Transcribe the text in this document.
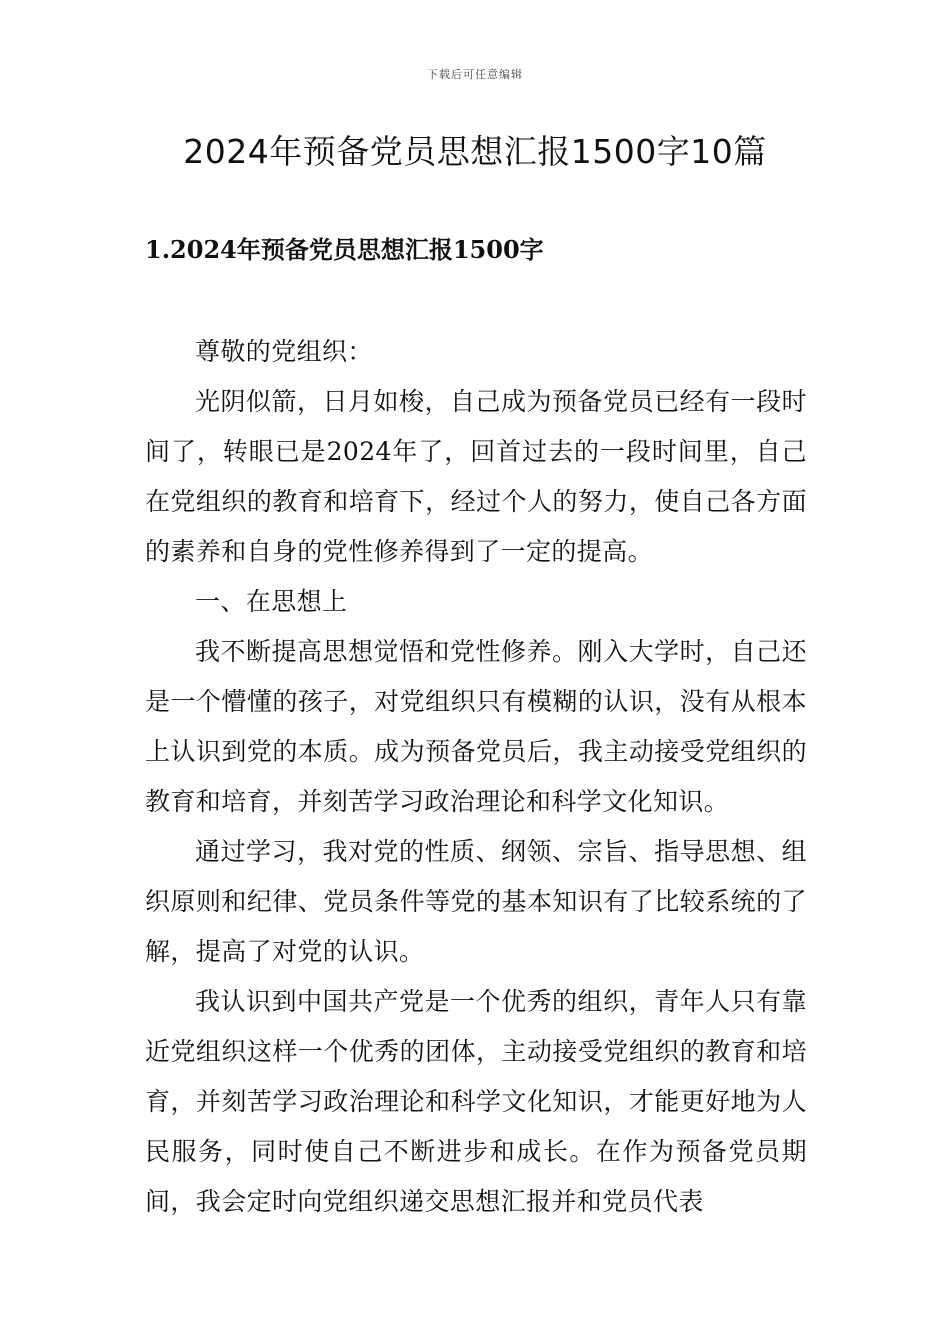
下载后可任意编辑
2024年预备党员思想汇报1500字10篇
1.2024年预备党员思想汇报1500字

尊敬的党组织：

光阴似箭，日月如梭，自己成为预备党员已经有一段时间了，转眼已是2024年了，回首过去的一段时间里，自己在党组织的教育和培育下，经过个人的努力，使自己各方面的素养和自身的党性修养得到了一定的提高。

一、在思想上

我不断提高思想觉悟和党性修养。刚入大学时，自己还是一个懵懂的孩子，对党组织只有模糊的认识，没有从根本上认识到党的本质。成为预备党员后，我主动接受党组织的教育和培育，并刻苦学习政治理论和科学文化知识。

通过学习，我对党的性质、纲领、宗旨、指导思想、组织原则和纪律、党员条件等党的基本知识有了比较系统的了解，提高了对党的认识。

我认识到中国共产党是一个优秀的组织，青年人只有靠近党组织这样一个优秀的团体，主动接受党组织的教育和培育，并刻苦学习政治理论和科学文化知识，才能更好地为人民服务，同时使自己不断进步和成长。在作为预备党员期间，我会定时向党组织递交思想汇报并和党员代表
